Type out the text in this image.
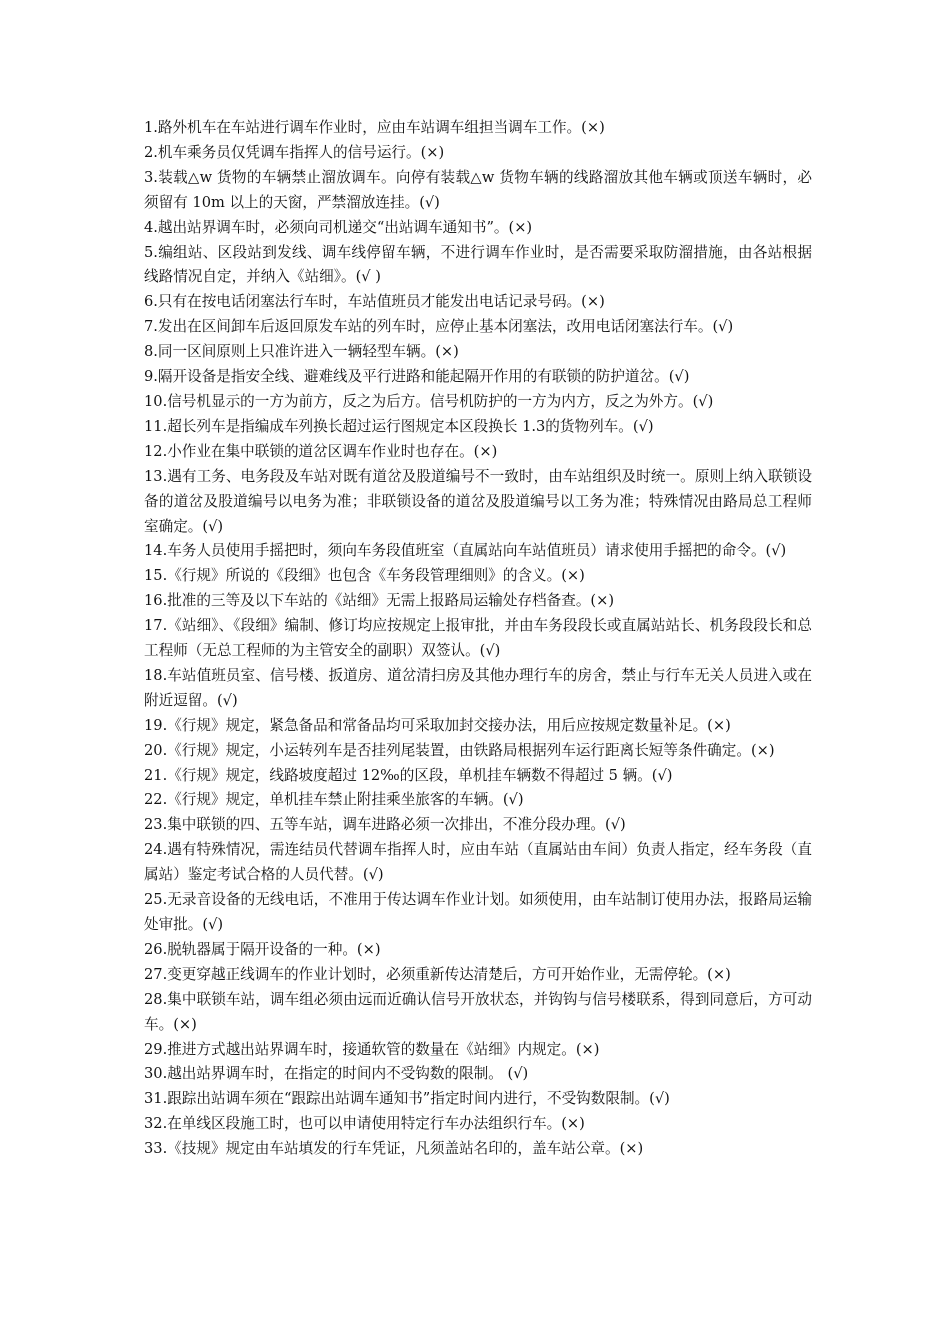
1.路外机车在车站进行调车作业时，应由车站调车组担当调车工作。(×)

2.机车乘务员仅凭调车指挥人的信号运行。(×)

3.装载△w 货物的车辆禁止溜放调车。向停有装载△w 货物车辆的线路溜放其他车辆或顶送车辆时，必须留有 10m 以上的天窗，严禁溜放连挂。(√)

4.越出站界调车时，必须向司机递交“出站调车通知书”。(×)

5.编组站、区段站到发线、调车线停留车辆，不进行调车作业时，是否需要采取防溜措施，由各站根据线路情况自定，并纳入《站细》。(√ )

6.只有在按电话闭塞法行车时，车站值班员才能发出电话记录号码。(×)

7.发出在区间卸车后返回原发车站的列车时，应停止基本闭塞法，改用电话闭塞法行车。(√)

8.同一区间原则上只准许进入一辆轻型车辆。(×)

9.隔开设备是指安全线、避难线及平行进路和能起隔开作用的有联锁的防护道岔。(√)

10.信号机显示的一方为前方，反之为后方。信号机防护的一方为内方，反之为外方。(√)

11.超长列车是指编成车列换长超过运行图规定本区段换长 1.3的货物列车。(√)

12.小作业在集中联锁的道岔区调车作业时也存在。(×)

13.遇有工务、电务段及车站对既有道岔及股道编号不一致时，由车站组织及时统一。原则上纳入联锁设备的道岔及股道编号以电务为准；非联锁设备的道岔及股道编号以工务为准；特殊情况由路局总工程师室确定。(√)

14.车务人员使用手摇把时，须向车务段值班室（直属站向车站值班员）请求使用手摇把的命令。(√)

15.《行规》所说的《段细》也包含《车务段管理细则》的含义。(×)

16.批准的三等及以下车站的《站细》无需上报路局运输处存档备查。(×)

17.《站细》、《段细》编制、修订均应按规定上报审批，并由车务段段长或直属站站长、机务段段长和总工程师（无总工程师的为主管安全的副职）双签认。(√)

18.车站值班员室、信号楼、扳道房、道岔清扫房及其他办理行车的房舍，禁止与行车无关人员进入或在附近逗留。(√)

19.《行规》规定，紧急备品和常备品均可采取加封交接办法，用后应按规定数量补足。(×)

20.《行规》规定，小运转列车是否挂列尾装置，由铁路局根据列车运行距离长短等条件确定。(×)

21.《行规》规定，线路坡度超过 12‰的区段，单机挂车辆数不得超过 5 辆。(√)

22.《行规》规定，单机挂车禁止附挂乘坐旅客的车辆。(√)

23.集中联锁的四、五等车站，调车进路必须一次排出，不准分段办理。(√)

24.遇有特殊情况，需连结员代替调车指挥人时，应由车站（直属站由车间）负责人指定，经车务段（直属站）鉴定考试合格的人员代替。(√)

25.无录音设备的无线电话，不准用于传达调车作业计划。如须使用，由车站制订使用办法，报路局运输处审批。(√)

26.脱轨器属于隔开设备的一种。(×)

27.变更穿越正线调车的作业计划时，必须重新传达清楚后，方可开始作业，无需停轮。(×)

28.集中联锁车站，调车组必须由远而近确认信号开放状态，并钩钩与信号楼联系，得到同意后，方可动车。(×)

29.推进方式越出站界调车时，接通软管的数量在《站细》内规定。(×)

30.越出站界调车时，在指定的时间内不受钩数的限制。 (√)

31.跟踪出站调车须在“跟踪出站调车通知书”指定时间内进行，不受钩数限制。(√)

32.在单线区段施工时，也可以申请使用特定行车办法组织行车。(×)

33.《技规》规定由车站填发的行车凭证，凡须盖站名印的，盖车站公章。(×)
